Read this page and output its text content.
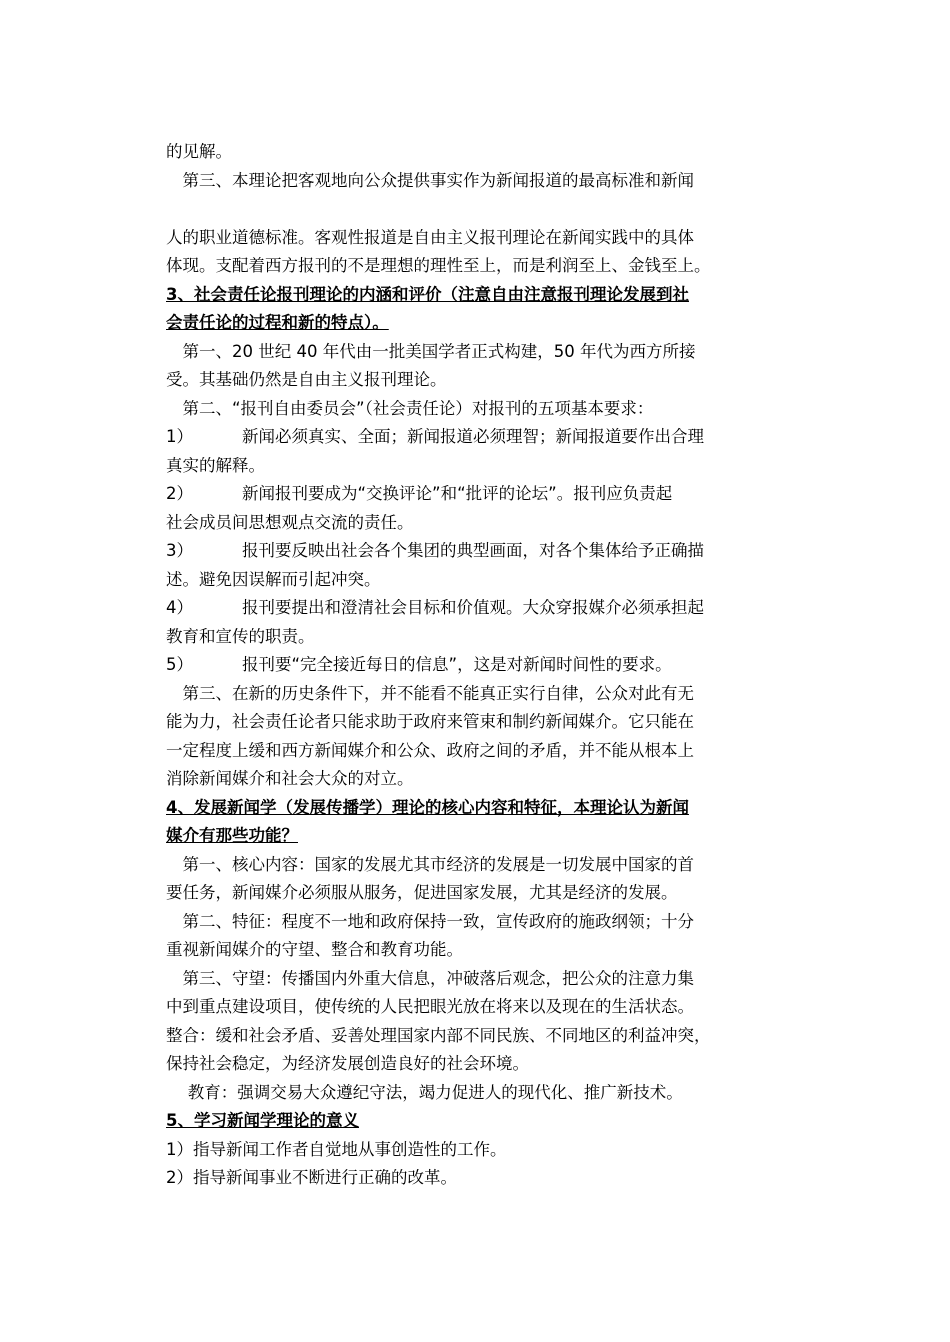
的见解。
　第三、本理论把客观地向公众提供事实作为新闻报道的最高标准和新闻
人的职业道德标准。客观性报道是自由主义报刊理论在新闻实践中的具体
体现。支配着西方报刊的不是理想的理性至上，而是利润至上、金钱至上。
3、社会责任论报刊理论的内涵和评价（注意自由注意报刊理论发展到社
会责任论的过程和新的特点）。
　第一、20 世纪 40 年代由一批美国学者正式构建，50 年代为西方所接
受。其基础仍然是自由主义报刊理论。
　第二、“报刊自由委员会”（社会责任论）对报刊的五项基本要求：
1）	新闻必须真实、全面；新闻报道必须理智；新闻报道要作出合理
真实的解释。
2）	新闻报刊要成为“交换评论”和“批评的论坛”。报刊应负责起
社会成员间思想观点交流的责任。
3）	报刊要反映出社会各个集团的典型画面，对各个集体给予正确描
述。避免因误解而引起冲突。
4）	报刊要提出和澄清社会目标和价值观。大众穿报媒介必须承担起
教育和宣传的职责。
5）	报刊要“完全接近每日的信息”，这是对新闻时间性的要求。
　第三、在新的历史条件下，并不能看不能真正实行自律，公众对此有无
能为力，社会责任论者只能求助于政府来管束和制约新闻媒介。它只能在
一定程度上缓和西方新闻媒介和公众、政府之间的矛盾，并不能从根本上
消除新闻媒介和社会大众的对立。
4、发展新闻学（发展传播学）理论的核心内容和特征，本理论认为新闻
媒介有那些功能？
　第一、核心内容：国家的发展尤其市经济的发展是一切发展中国家的首
要任务，新闻媒介必须服从服务，促进国家发展，尤其是经济的发展。
　第二、特征：程度不一地和政府保持一致，宣传政府的施政纲领；十分
重视新闻媒介的守望、整合和教育功能。
　第三、守望：传播国内外重大信息，冲破落后观念，把公众的注意力集
中到重点建设项目，使传统的人民把眼光放在将来以及现在的生活状态。
整合：缓和社会矛盾、妥善处理国家内部不同民族、不同地区的利益冲突，
保持社会稳定，为经济发展创造良好的社会环境。
　 教育：强调交易大众遵纪守法，竭力促进人的现代化、推广新技术。
5、学习新闻学理论的意义
1）指导新闻工作者自觉地从事创造性的工作。
2）指导新闻事业不断进行正确的改革。
